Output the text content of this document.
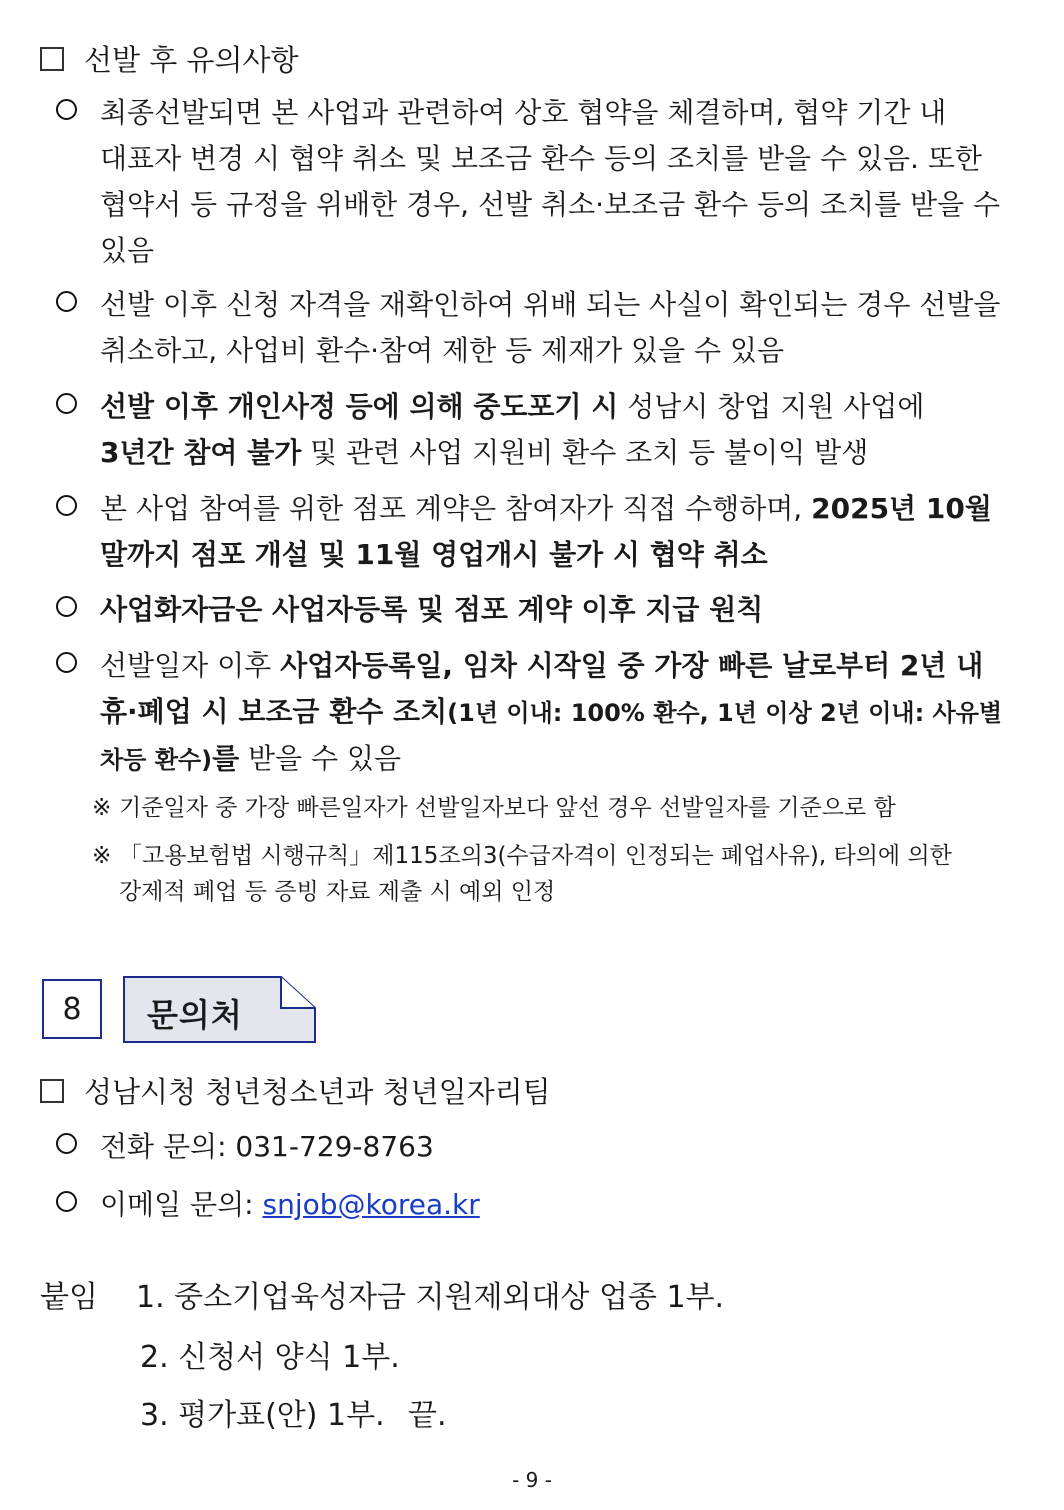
선발 후 유의사항
최종선발되면 본 사업과 관련하여 상호 협약을 체결하며, 협약 기간 내 대표자 변경 시 협약 취소 및 보조금 환수 등의 조치를 받을 수 있음. 또한 협약서 등 규정을 위배한 경우, 선발 취소·보조금 환수 등의 조치를 받을 수 있음
선발 이후 신청 자격을 재확인하여 위배 되는 사실이 확인되는 경우 선발을 취소하고, 사업비 환수·참여 제한 등 제재가 있을 수 있음
선발 이후 개인사정 등에 의해 중도포기 시 성남시 창업 지원 사업에 3년간 참여 불가 및 관련 사업 지원비 환수 조치 등 불이익 발생
본 사업 참여를 위한 점포 계약은 참여자가 직접 수행하며, 2025년 10월 말까지 점포 개설 및 11월 영업개시 불가 시 협약 취소
사업화자금은 사업자등록 및 점포 계약 이후 지급 원칙
선발일자 이후 사업자등록일, 임차 시작일 중 가장 빠른 날로부터 2년 내 휴·폐업 시 보조금 환수 조치(1년 이내: 100% 환수, 1년 이상 2년 이내: 사유별 차등 환수)를 받을 수 있음
※ 기준일자 중 가장 빠른일자가 선발일자보다 앞선 경우 선발일자를 기준으로 함
※ 「고용보험법 시행규칙」제115조의3(수급자격이 인정되는 폐업사유), 타의에 의한 강제적 폐업 등 증빙 자료 제출 시 예외 인정
8	문의처
성남시청 청년청소년과 청년일자리팀
전화 문의: 031-729-8763
이메일 문의: snjob@korea.kr
붙임 1. 중소기업육성자금 지원제외대상 업종 1부.
2. 신청서 양식 1부.
3. 평가표(안) 1부. 끝.
- 9 -
